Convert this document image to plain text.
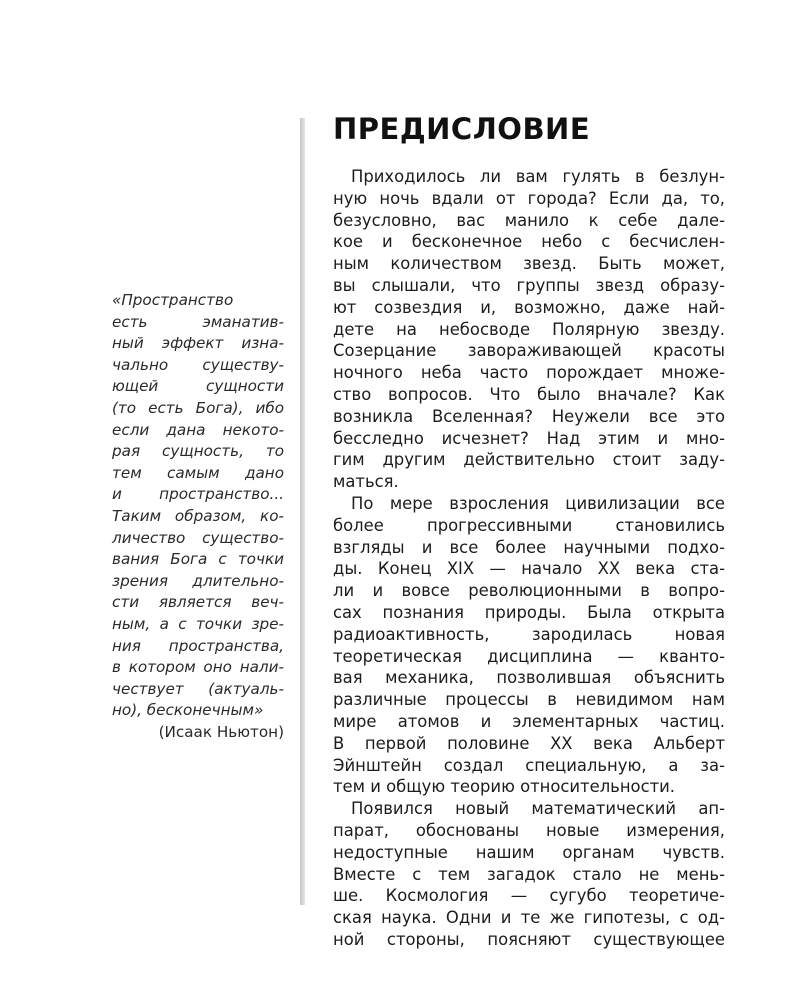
«Пространство
есть эманатив-
ный эффект изна-
чально существу-
ющей сущности
(то есть Бога), ибо
если дана некото-
рая сущность, то
тем самым дано
и пространство...
Таким образом, ко-
личество существо-
вания Бога с точки
зрения длительно-
сти является веч-
ным, а с точки зре-
ния пространства,
в котором оно нали-
чествует (актуаль-
но), бесконечным»
(Исаак Ньютон)
ПРЕДИСЛОВИЕ
Приходилось ли вам гулять в безлун-
ную ночь вдали от города? Если да, то,
безусловно, вас манило к себе дале-
кое и бесконечное небо с бесчислен-
ным количеством звезд. Быть может,
вы слышали, что группы звезд образу-
ют созвездия и, возможно, даже най-
дете на небосводе Полярную звезду.
Созерцание завораживающей красоты
ночного неба часто порождает множе-
ство вопросов. Что было вначале? Как
возникла Вселенная? Неужели все это
бесследно исчезнет? Над этим и мно-
гим другим действительно стоит заду-
маться.
По мере взросления цивилизации все
более прогрессивными становились
взгляды и все более научными подхо-
ды. Конец XIX — начало XX века ста-
ли и вовсе революционными в вопро-
сах познания природы. Была открыта
радиоактивность, зародилась новая
теоретическая дисциплина — кванто-
вая механика, позволившая объяснить
различные процессы в невидимом нам
мире атомов и элементарных частиц.
В первой половине XX века Альберт
Эйнштейн создал специальную, а за-
тем и общую теорию относительности.
Появился новый математический ап-
парат, обоснованы новые измерения,
недоступные нашим органам чувств.
Вместе с тем загадок стало не мень-
ше. Космология — сугубо теоретиче-
ская наука. Одни и те же гипотезы, с од-
ной стороны, поясняют существующее
